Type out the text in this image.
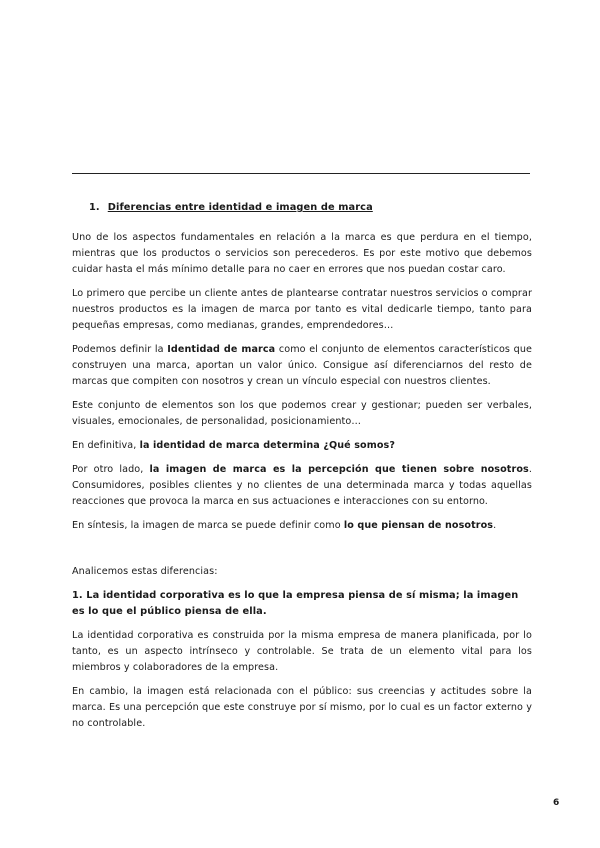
1. Diferencias entre identidad e imagen de marca

Uno de los aspectos fundamentales en relación a la marca es que perdura en el tiempo, mientras que los productos o servicios son perecederos. Es por este motivo que debemos cuidar hasta el más mínimo detalle para no caer en errores que nos puedan costar caro.

Lo primero que percibe un cliente antes de plantearse contratar nuestros servicios o comprar nuestros productos es la imagen de marca por tanto es vital dedicarle tiempo, tanto para pequeñas empresas, como medianas, grandes, emprendedores…

Podemos definir la Identidad de marca como el conjunto de elementos característicos que construyen una marca, aportan un valor único. Consigue así diferenciarnos del resto de marcas que compiten con nosotros y crean un vínculo especial con nuestros clientes.

Este conjunto de elementos son los que podemos crear y gestionar; pueden ser verbales, visuales, emocionales, de personalidad, posicionamiento…

En definitiva, la identidad de marca determina ¿Qué somos?

Por otro lado, la imagen de marca es la percepción que tienen sobre nosotros. Consumidores, posibles clientes y no clientes de una determinada marca y todas aquellas reacciones que provoca la marca en sus actuaciones e interacciones con su entorno.

En síntesis, la imagen de marca se puede definir como lo que piensan de nosotros.

Analicemos estas diferencias:

1. La identidad corporativa es lo que la empresa piensa de sí misma; la imagen es lo que el público piensa de ella.

La identidad corporativa es construida por la misma empresa de manera planificada, por lo tanto, es un aspecto intrínseco y controlable. Se trata de un elemento vital para los miembros y colaboradores de la empresa.

En cambio, la imagen está relacionada con el público: sus creencias y actitudes sobre la marca. Es una percepción que este construye por sí mismo, por lo cual es un factor externo y no controlable.

6
